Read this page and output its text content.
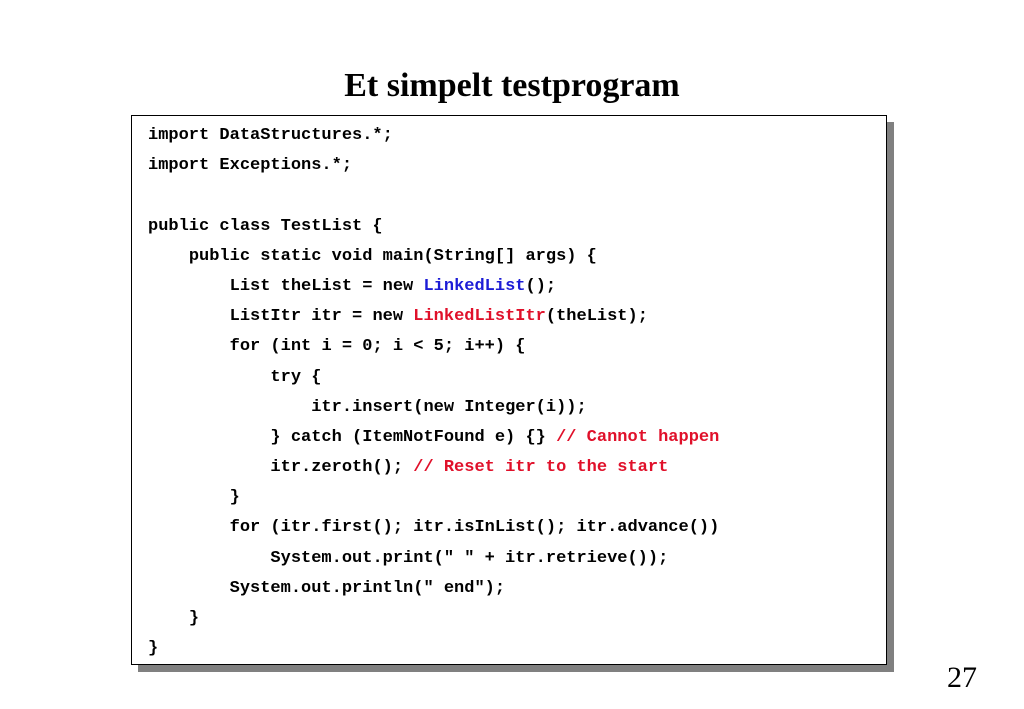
Et simpelt testprogram
import DataStructures.*;
import Exceptions.*;
public class TestList {
public static void main(String[] args) {
List theList = new LinkedList();
ListItr itr = new LinkedListItr(theList);
for (int i = 0; i < 5; i++) {
try {
itr.insert(new Integer(i));
} catch (ItemNotFound e) {} // Cannot happen
itr.zeroth(); // Reset itr to the start
}
for (itr.first(); itr.isInList(); itr.advance())
System.out.print(" " + itr.retrieve());
System.out.println(" end");
}
}
27
